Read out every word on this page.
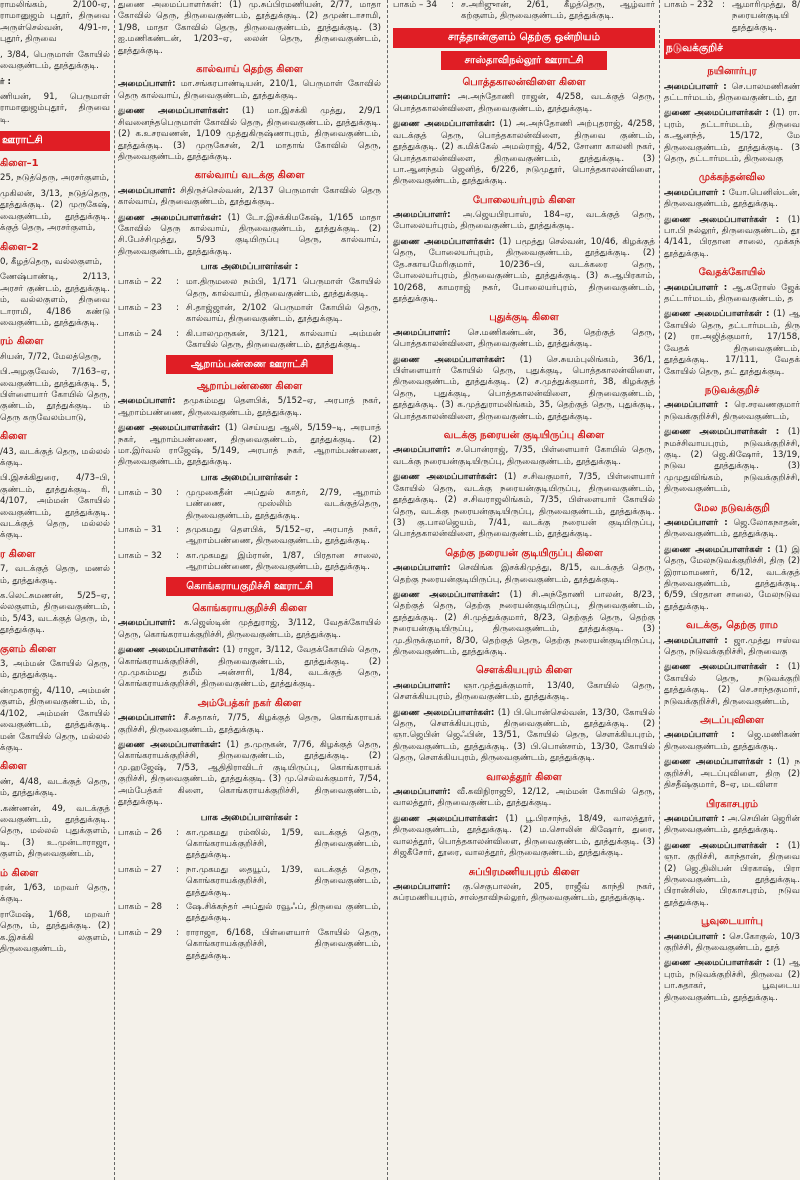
ராமலிங்கம், 2/100-ஏ, ராமானுஜம் புதூர், திருவை அருள்செல்வன், 4/91-ஈ, புதூர், திருவை

, 3/84, பெருமாள் கோயில் வைகுண்டம், தூத்துக்குடி.

ர் :

ணியன், 91, பெருமாள் ராமானுஜம்புதூர், திருவை டி.

ஊராட்சி
கிளை–1

25, நடுத்தெரு, அரசர்குளம்,

முகிலன், 3/13, நடுத்தெரு, தூத்துக்குடி. (2) முருகேஷ், வைகுண்டம், தூத்துக்குடி. க்குத் தெரு, அரசர்குளம்,

கிளை–2

0, கீழத்தெரு, வல்லகுளம்,

ணேஷ்பாண்டி, 2/113, அரசர் குண்டம், தூத்துக்குடி. ம், வல்லகுளம், திருவை டாராமி, 4/186 கண்டு வைகுண்டம், தூத்துக்குடி.

ரம் கிளை

சியன், 7/72, மேலத்தெரு,

பி.அழகுவேல், 7/163–ஏ, வைகுண்டம், தூத்துக்குடி. 5, பிள்ளையார் கோயில் தெரு, குண்டம், தூத்துக்குடி. ம் தெரு கருவேலம்பாடு,

கிளை

/43, வடக்குத் தெரு, மல்லல் க்குடி.

பி.இசக்கிதுரை, 4/73–பி, குண்டம், தூத்துக்குடி. ரி, 4/107, அம்மன் கோயில் வைகுண்டம், தூத்துக்குடி. வடக்குத் தெரு, மல்லல் க்குடி.

ர கிளை

7, வடக்குத் தெரு, மணல் ம், தூத்துக்குடி.

க.லெட்சுமணன், 5/25–ஏ, ல்லகுளம், திருவைகுண்டம், ம், 5/43, வடக்குத் தெரு, ம், தூத்துக்குடி.

குளம் கிளை

3, அம்மன் கோயில் தெரு, ம், தூத்துக்குடி.

ன்முகராஜ், 4/110, அம்மன் குளம், திருவைகுண்டம், ம், 4/102, அம்மன் கோயில் வைகுண்டம், தூத்துக்குடி. மன் கோயில் தெரு, மல்லல் க்குடி.

கிளை

ண், 4/48, வடக்குத் தெரு, ம், தூத்துக்குடி.

.கண்ணன், 49, வடக்குத் வைகுண்டம், தூத்துக்குடி. தெரு, மல்லல் புதுக்குளம், டி. (3) உ.முன்டாராஜா, குளம், திருவைகுண்டம்,

ம் கிளை

ரன், 1/63, மறவர் தெரு, க்குடி.

ராமேஷ், 1/68, மறவர் தெரு, ம், தூத்துக்குடி. (2) க.இசக்கி லகுளம், திருவைகுண்டம்,

துணை அமைப்பாளர்கள்: (1) மு.சுப்பிரமணியன், 2/77, மாதா கோவில் தெரு, திருவைகுண்டம், தூத்துக்குடி. (2) தமுண்டாசாமி, 1/98, மாதா கோவில் தெரு, திருவைகுண்டம், தூத்துக்குடி. (3) ஐ.மணிகண்டன், 1/203–ஏ, லைன் தெரு, திருவைகுண்டம், தூத்துக்குடி.

கால்வாய் தெற்கு கிளை

அமைப்பாளர்: மா.சங்கரபாண்டியன், 210/1, பெருமாள் கோவில் தெரு கால்வாய், திருவைகுண்டம், தூத்துக்குடி.

துணை அமைப்பாளர்கள்: (1) மா.இசக்கி முத்து, 2/9/1 சிவனைந்தபெருமாள் கோவில் தெரு, திருவைகுண்டம், தூத்துக்குடி. (2) க.உசரவணன், 1/109 முத்துகிருஷ்ணாபுரம், திருவைகுண்டம், தூத்துக்குடி. (3) முருகேசன், 2/1 மாதாங் கோவில் தெரு, திருவைகுண்டம், தூத்துக்குடி.

கால்வாய் வடக்கு கிளை

அமைப்பாளர்: சிதிருச்செல்வன், 2/137 பெருமாள் கோவில் தெரு கால்வாய், திருவைகுண்டம், தூத்துக்குடி.

துணை அமைப்பாளர்கள்: (1) டோ.இசக்கிமகேஷ், 1/165 மாதா கோவில் தெரு கால்வாய், திருவைகுண்டம், தூத்துக்குடி. (2) சி.பேச்சிமுத்து, 5/93 குடியிருப்பு தெரு, கால்வாய், திருவைகுண்டம், தூத்துக்குடி.

பாக அமைப்பாளர்கள் :
பாகம் – 22	: மா.திருமலை நம்பி, 1/171 பெருமாள் கோயில் தெரு, கால்வாய், திருவைகுண்டம், தூத்துக்குடி.
பாகம் – 23	: சி.தாஜ்ஜான், 2/102 பெருமாள் கோயில் தெரு, கால்வாய், திருவைகுண்டம், தூத்துக்குடி.
பாகம் – 24	: கி.பாலமுருகன், 3/121, கால்வாய் அம்மன் கோயில் தெரு, திருவைகுண்டம், தூத்துக்குடி.
ஆறாம்பண்ணை ஊராட்சி
ஆறாம்பண்ணை கிளை

அமைப்பாளர்: தமுகம்மது தௌபிக், 5/152–ஏ, அரபாத் நகர், ஆறாம்பண்ணை, திருவைகுண்டம், தூத்துக்குடி.

துணை அமைப்பாளர்கள்: (1) செய்யது ஆலி, 5/159–டி, அரபாத் நகர், ஆறாம்பண்ணை, திருவைகுண்டம், தூத்துக்குடி. (2) மா.இர்வல் ராஜேஷ், 5/149, அரபாத் நகர், ஆறாம்பண்ணை, திருவைகுண்டம், தூத்துக்குடி.

பாக அமைப்பாளர்கள் :
பாகம் – 30	: முமுகைதீன் அப்துல் காதர், 2/79, ஆறாம் பண்ணை, முஸ்லிம் வடக்குத்தெரு, திருவைகுண்டம், தூத்துக்குடி.
பாகம் – 31	: தமுகமது தௌபிக், 5/152–ஏ, அரபாத் நகர், ஆறாம்பண்ணை, திருவைகுண்டம், தூத்துக்குடி.
பாகம் – 32	: கா.முகமது இம்ரான், 1/87, பிரதான சாலை, ஆறாம்பண்ணை, திருவைகுண்டம், தூத்துக்குடி.
கொங்கராயகுறிச்சி ஊராட்சி
கொங்கராயகுறிச்சி கிளை

அமைப்பாளர்: க.ஜெஸ்டின் முத்துராஜ், 3/112, வேதக்கோயில் தெரு, கொங்கராயக்குறிச்சி, திருவைகுண்டம், தூத்துக்குடி.

துணை அமைப்பாளர்கள்: (1) ராஜா, 3/112, வேதக்கோயில் தெரு, கொங்கராயக்குறிச்சி, திருவைகுண்டம், தூத்துக்குடி. (2) மு.முகம்மது தமீம் அன்சாரி, 1/84, வடக்குத் தெரு, கொங்கராயக்குறிச்சி, திருவைகுண்டம், தூத்துக்குடி.

அம்பேத்கர் நகர் கிளை

அமைப்பாளர்: சீ.சுதாகர், 7/75, கிழக்குத் தெரு, கொங்கராயக் குறிச்சி, திருவைகுண்டம், தூத்துக்குடி.

துணை அமைப்பாளர்கள்: (1) த.முருகன், 7/76, கிழக்குத் தெரு, கொங்கராயக்குறிச்சி, திருவைகுண்டம், தூத்துக்குடி. (2) மு.ஹஜேஷ், 7/53, ஆதிதிராவிடர் குடியிருப்பு, கொங்கராயக் குறிச்சி, திருவைகுண்டம், தூத்துக்குடி. (3) மு.செல்வக்குமார், 7/54, அம்பேத்கர் கிளை, கொங்கராயக்குறிச்சி, திருவைகுண்டம், தூத்துக்குடி.

பாக அமைப்பாளர்கள் :
பாகம் – 26	: கா.முகமது ரம்ஸில், 1/59, வடக்குத் தெரு, கொங்கராயக்குறிச்சி, திருவைகுண்டம், தூத்துக்குடி.
பாகம் – 27	: நா.முகமது தையூப், 1/39, வடக்குத் தெரு, கொங்கராயக்குறிச்சி, திருவைகுண்டம், தூத்துக்குடி.
பாகம் – 28	: ஷே.சிக்கந்தர் அப்துல் ரவூஃப், திருவை குண்டம், தூத்துக்குடி.
பாகம் – 29	: ராராஜா, 6/168, பிள்ளையார் கோயில் தெரு, கொங்கராயக்குறிச்சி, திருவைகுண்டம், தூத்துக்குடி.
பாகம் – 34	: ச.அரிஜுான், 2/61, கீழத்தெரு, ஆழ்வார் கற்குளம், திருவைகுண்டம், தூத்துக்குடி.
சாத்தான்குளம் தெற்கு ஒன்றியம்
சாஸ்தாவிநல்லூர் ஊராட்சி
பொத்தகாலன்விளை கிளை

அமைப்பாளர்: அ.அந்தோணி ராஜன், 4/258, வடக்குத் தெரு, பொத்தகாலன்விளை, திருவைகுண்டம், தூத்துக்குடி.

துணை அமைப்பாளர்கள்: (1) அ.அந்தோணி அற்புதராஜ், 4/258, வடக்குத் தெரு, பொத்தகாலன்விளை, திருவை குண்டம், தூத்துக்குடி. (2) க.மிக்கேல் அமல்ராஜ், 4/52, சோனா காலனி நகர், பொத்தகாலன்விளை, திருவைகுண்டம், தூத்துக்குடி. (3) பா.ஆனந்தம் ஜெனித், 6/226, நடுமுதூர், பொத்தகாலன்விளை, திருவைகுண்டம், தூத்துக்குடி.

போலையர்புரம் கிளை

அமைப்பாளர்: அ.ஜெயபிரபாஸ், 184–ஏ, வடக்குத் தெரு, போலையர்புரம், திருவைகுண்டம், தூத்துக்குடி.

துணை அமைப்பாளர்கள்: (1) பமூத்து செல்வன், 10/46, கிழக்குத் தெரு, போலையர்புரம், திருவைகுண்டம், தூத்துக்குடி. (2) தே.சகாயமேரிகுமார், 10/236–பி, வடக்கரை தெரு, போலையர்புரம், திருவைகுண்டம், தூத்துக்குடி. (3) சு.ஆபிரகாம், 10/268, காமராஜ் நகர், போலையர்புரம், திருவைகுண்டம், தூத்துக்குடி.

புதுக்குடி கிளை

அமைப்பாளர்: செ.மணிகண்டன், 36, தெற்குத் தெரு, பொத்தகாலன்விளை, திருவைகுண்டம், தூத்துக்குடி.

துணை அமைப்பாளர்கள்: (1) செ.சுயம்புலிங்கம், 36/1, பிள்ளையார் கோயில் தெரு, புதுக்குடி, பொத்தகாலன்விளை, திருவைகுண்டம், தூத்துக்குடி. (2) ச.முத்துக்குமார், 38, கிழக்குத் தெரு, புதுக்குடி, பொத்தகாலன்விளை, திருவைகுண்டம், தூத்துக்குடி. (3) க.முத்துராமலிங்கம், 35, தெற்குத் தெரு, புதுக்குடி, பொத்தகாலன்விளை, திருவைகுண்டம், தூத்துக்குடி.

வடக்கு நரையன் குடியிருப்பு கிளை

அமைப்பாளர்: ச.பொன்ராஜ், 7/35, பிள்ளையார் கோயில் தெரு, வடக்கு நரையன்குடியிருப்பு, திருவைகுண்டம், தூத்துக்குடி.

துணை அமைப்பாளர்கள்: (1) ச.சிவகுமார், 7/35, பிள்ளையார் கோயில் தெரு, வடக்கு நரையன்குடியிருப்பு, திருவைகுண்டம், தூத்துக்குடி. (2) ச.சிவராஜலிங்கம், 7/35, பிள்ளையார் கோயில் தெரு, வடக்கு நரையன்குடியிருப்பு, திருவைகுண்டம், தூத்துக்குடி. (3) கு.பாலஜெயம், 7/41, வடக்கு நரையன் குடியிருப்பு, பொத்தகாலன்விளை, திருவைகுண்டம், தூத்துக்குடி.

தெற்கு நரையன் குடியிருப்பு கிளை

அமைப்பாளர்: செவிங்க இசக்கிமுத்து, 8/15, வடக்குத் தெரு, தெற்கு நரையன்குடியிருப்பு, திருவைகுண்டம், தூத்துக்குடி.

துணை அமைப்பாளர்கள்: (1) சி.அந்தோணி பாலன், 8/23, தெற்குத் தெரு, தெற்கு நரையன்குடியிருப்பு, திருவைகுண்டம், தூத்துக்குடி. (2) சி.முத்துக்குமார், 8/23, தெற்குத் தெரு, தெற்கு நரையன்குடியிருப்பு, திருவைகுண்டம், தூத்துக்குடி. (3) மு.திருக்குமார், 8/30, தெற்குத் தெரு, தெற்கு நரையன்குடியிருப்பு, திருவைகுண்டம், தூத்துக்குடி.

சௌக்கியபுரம் கிளை

அமைப்பாளர்: ஞா.முத்துக்குமார், 13/40, கோயில் தெரு, சௌக்கியபுரம், திருவைகுண்டம், தூத்துக்குடி.

துணை அமைப்பாளர்கள்: (1) பி.பொன்செல்வன், 13/30, கோயில் தெரு, சௌக்கியபுரம், திருவைகுண்டம், தூத்துக்குடி. (2) ஞா.ஜெபின் ஜெஃபின், 13/51, கோயில் தெரு, சௌக்கியபுரம், திருவைகுண்டம், தூத்துக்குடி. (3) பி.பொன்சாம், 13/30, கோயில் தெரு, சௌக்கியபுரம், திருவைகுண்டம், தூத்துக்குடி.

வாலத்தூர் கிளை

அமைப்பாளர்: வீ.கவிநிராஜூ, 12/12, அம்மன் கோயில் தெரு, வாலத்தூர், திருவைகுண்டம், தூத்துக்குடி.

துணை அமைப்பாளர்கள்: (1) பூ.பிரசாந்த், 18/49, வாலத்தூர், திருவைகுண்டம், தூத்துக்குடி. (2) ம.சொலின் கிஷோர், துரை, வாலத்தூர், பொத்தகாலன்விளை, திருவைகுண்டம், தூத்துக்குடி. (3) சிஜகீசோர், தூரை, வாலத்தூர், திருவைகுண்டம், தூத்துக்குடி.

சுப்பிரமணியபுரம் கிளை

அமைப்பாளர்: கு.செகுபாலன், 205, ராஜீவ் காந்தி நகர், சுப்ரமணியபுரம், சாஸ்தாவிநல்லூர், திருவைகுண்டம், தூத்துக்குடி.

பாகம் – 232 : ஆமாரிமுத்து, 8/ நரையன்குடியி தூத்துக்குடி.
நடுவக்குறிச்
நயினார்புர

அமைப்பாளர் : செ.பாலமணிகண் தட்டார்மடம், திருவைகுண்டம், தூ

துணை அமைப்பாளர்கள் : (1) ரா. புரம், தட்டார்மடம், திருவை க.ஆனந்த், 15/172, மே திருவைகுண்டம், தூத்துக்குடி. (3 தெரு, தட்டார்மடம், திருவைகு

முக்கந்தன்வில

அமைப்பாளர் : யோ.பெனிஸ்டன், திருவைகுண்டம், தூத்துக்குடி.

துணை அமைப்பாளர்கள் : (1) பா.பி நல்லூர், திருவைகுண்டம், தூ 4/141, பிரதான சாலை, முக்கந் தூத்துக்குடி.

வேதக்கோயில்

அமைப்பாளர் : ஆ.கரோஸ் ஜேக் தட்டார்மடம், திருவைகுண்டம், த

துணை அமைப்பாளர்கள் : (1) ஆ கோயில் தெரு, தட்டார்மடம், திரு (2) ரா.அஜித்குமார், 17/158, வேதக் திருவைகுண்டம், தூத்துக்குடி. 17/111, வேதக் கோயில் தெரு, தட் தூத்துக்குடி.

நடுவக்குறிச்

அமைப்பாளர் : ரெ.சரவணகுமார் நடுவக்குறிச்சி, திருவைகுண்டம்,

துணை அமைப்பாளர்கள் : (1) நமச்சிவாயபுரம், நடுவக்குறிச்சி, குடி. (2) ஜெ.கிஷோர், 13/19, நடுவ தூத்துக்குடி. (3) முமுதுவிங்கம், நடுவக்குறிச்சி, திருவைகுண்டம்,

மேல நடுவக்குறி

அமைப்பாளர் : ஜெ.லோகநாதன், திருவைகுண்டம், தூத்துக்குடி.

துணை அமைப்பாளர்கள் : (1) இ தெரு, மேலநடுவக்குறிச்சி, திரு (2) இராமாமணர், 6/12, வடக்குத் திருவைகுண்டம், தூத்துக்குடி. 6/59, பிரதான சாலை, மேலநடுவ தூத்துக்குடி.

வடக்கு, தெற்கு ராம

அமைப்பாளர் : ஜா.முத்து ஈஸ்வ தெரு, நடுவக்குறிச்சி, திருவைகு

துணை அமைப்பாளர்கள் : (1) கோயில் தெரு, நடுவக்குறி தூத்துக்குடி. (2) செ.சாந்தகுமார், நடுவக்குறிச்சி, திருவைகுண்டம்,

அடப்புவிளை

அமைப்பாளர் : ஜெ.மணிகண் திருவைகுண்டம், தூத்துக்குடி.

துணை அமைப்பாளர்கள் : (1) ந குறிச்சி, அடப்புவிளை, திரு (2) திசதீஷ்குமார், 8–ஏ, மடவிளா

பிரகாசபுரம்

அமைப்பாளர் : அ.செயின் ஜெரின் திருவைகுண்டம், தூத்துக்குடி.

துணை அமைப்பாளர்கள் : (1) ஞா. குறிச்சி, காந்தான், திருவை (2) ஜெ.திலிபன் பிரகாஷ், பிரா திருவைகுண்டம், தூத்துக்குடி. பிரான்சிஸ், பிரகாசபுரம், நடுவ தூத்துக்குடி.

பூவுடையார்பு

அமைப்பாளர் : செ.கோகுல், 10/3 குறிச்சி, திருவைகுண்டம், தூத்

துணை அமைப்பாளர்கள் : (1) ஆ புரம், நடுவக்குறிச்சி, திருவை (2) பா.சுதாகர், பூவுடைய திருவைகுண்டம், தூத்துக்குடி.
